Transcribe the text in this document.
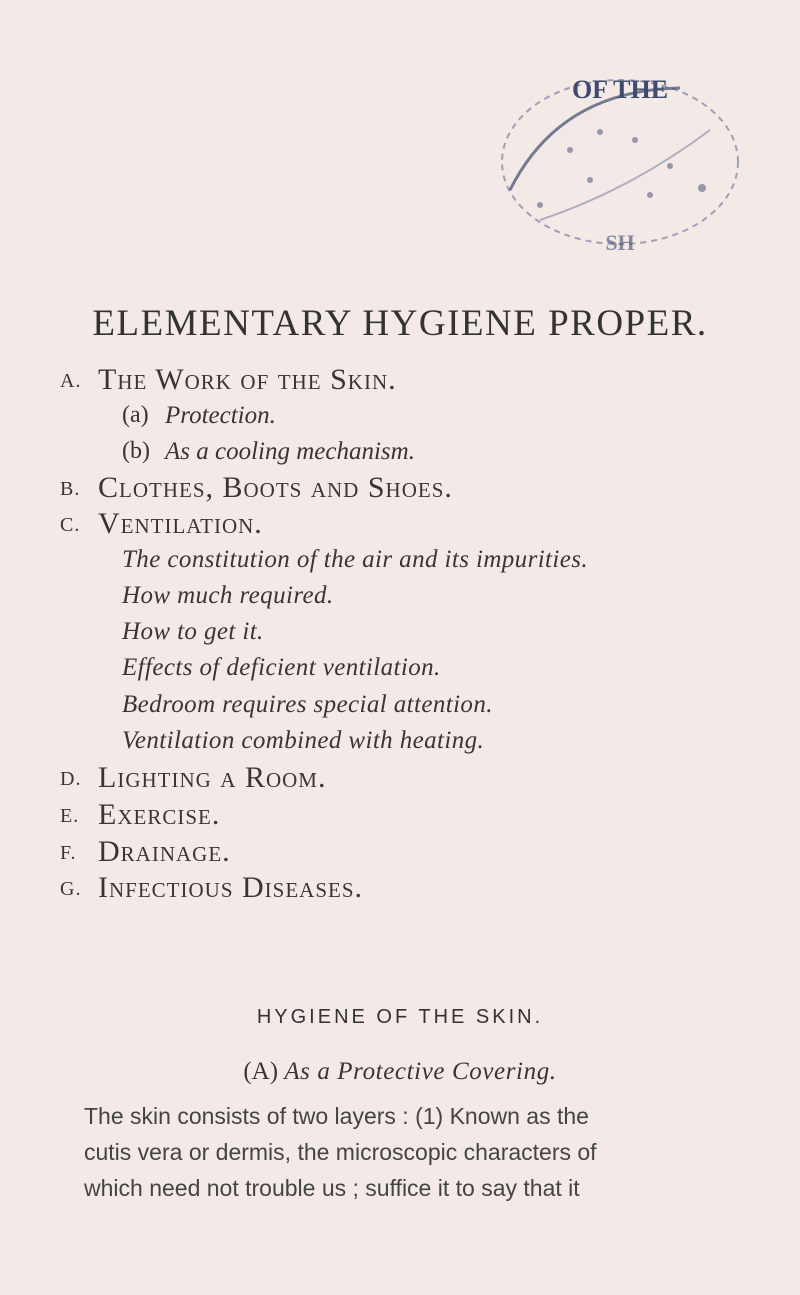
OF THE
SH
ELEMENTARY HYGIENE PROPER.
A. The Work of the Skin.
(a) Protection.
(b) As a cooling mechanism.
B. Clothes, Boots and Shoes.
C. Ventilation.
The constitution of the air and its impurities.
How much required.
How to get it.
Effects of deficient ventilation.
Bedroom requires special attention.
Ventilation combined with heating.
D. Lighting a Room.
E. Exercise.
F. Drainage.
G. Infectious Diseases.
HYGIENE OF THE SKIN.
(A) As a Protective Covering.
The skin consists of two layers : (1) Known as the
cutis vera or dermis, the microscopic characters of
which need not trouble us ; suffice it to say that it
